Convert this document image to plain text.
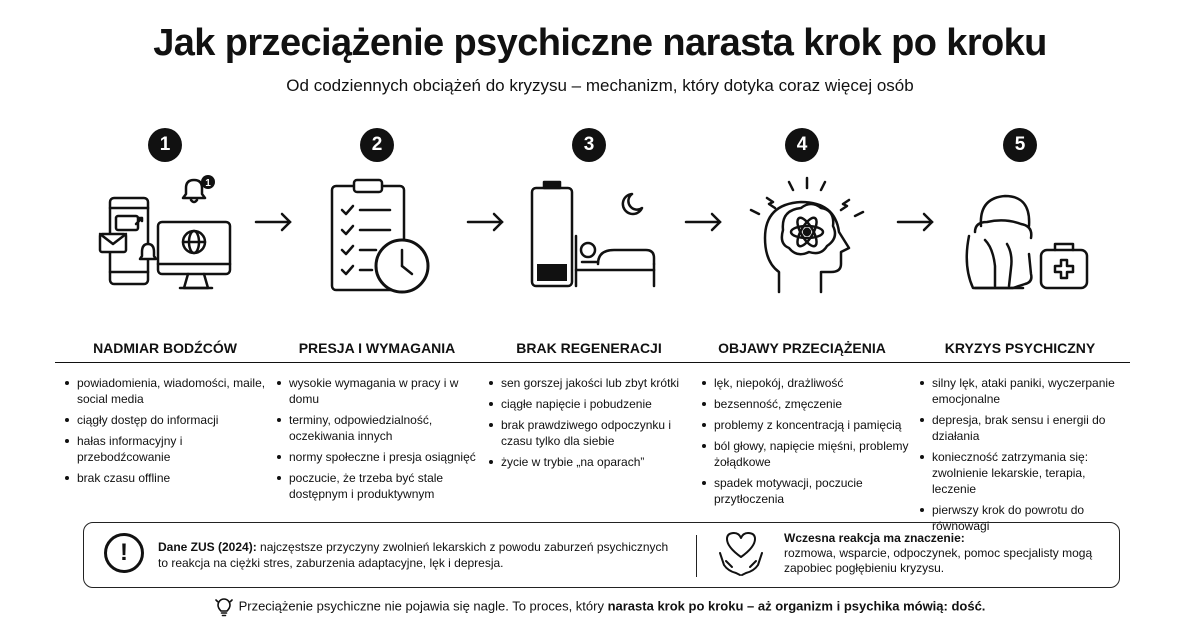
Jak przeciążenie psychiczne narasta krok po kroku
Od codziennych obciążeń do kryzysu – mechanizm, który dotyka coraz więcej osób
1
1
NADMIAR BODŹCÓW
powiadomienia, wiadomości, maile, social media
ciągły dostęp do informacji
hałas informacyjny i przebodźcowanie
brak czasu offline
2
PRESJA I WYMAGANIA
wysokie wymagania w pracy i w domu
terminy, odpowiedzialność, oczekiwania innych
normy społeczne i presja osiągnięć
poczucie, że trzeba być stale dostępnym i produktywnym
3
BRAK REGENERACJI
sen gorszej jakości lub zbyt krótki
ciągłe napięcie i pobudzenie
brak prawdziwego odpoczynku i czasu tylko dla siebie
życie w trybie „na oparach”
4
OBJAWY PRZECIĄŻENIA
lęk, niepokój, drażliwość
bezsenność, zmęczenie
problemy z koncentracją i pamięcią
ból głowy, napięcie mięśni, problemy żołądkowe
spadek motywacji, poczucie przytłoczenia
5
KRYZYS PSYCHICZNY
silny lęk, ataki paniki, wyczerpanie emocjonalne
depresja, brak sensu i energii do działania
konieczność zatrzymania się: zwolnienie lekarskie, terapia, leczenie
pierwszy krok do powrotu do równowagi
!	Dane ZUS (2024): najczęstsze przyczyny zwolnień lekarskich z powodu zaburzeń psychicznych
to reakcja na ciężki stres, zaburzenia adaptacyjne, lęk i depresja.
Wczesna reakcja ma znaczenie:
rozmowa, wsparcie, odpoczynek, pomoc specjalisty mogą zapobiec pogłębieniu kryzysu.
Przeciążenie psychiczne nie pojawia się nagle. To proces, który narasta krok po kroku – aż organizm i psychika mówią: dość.
